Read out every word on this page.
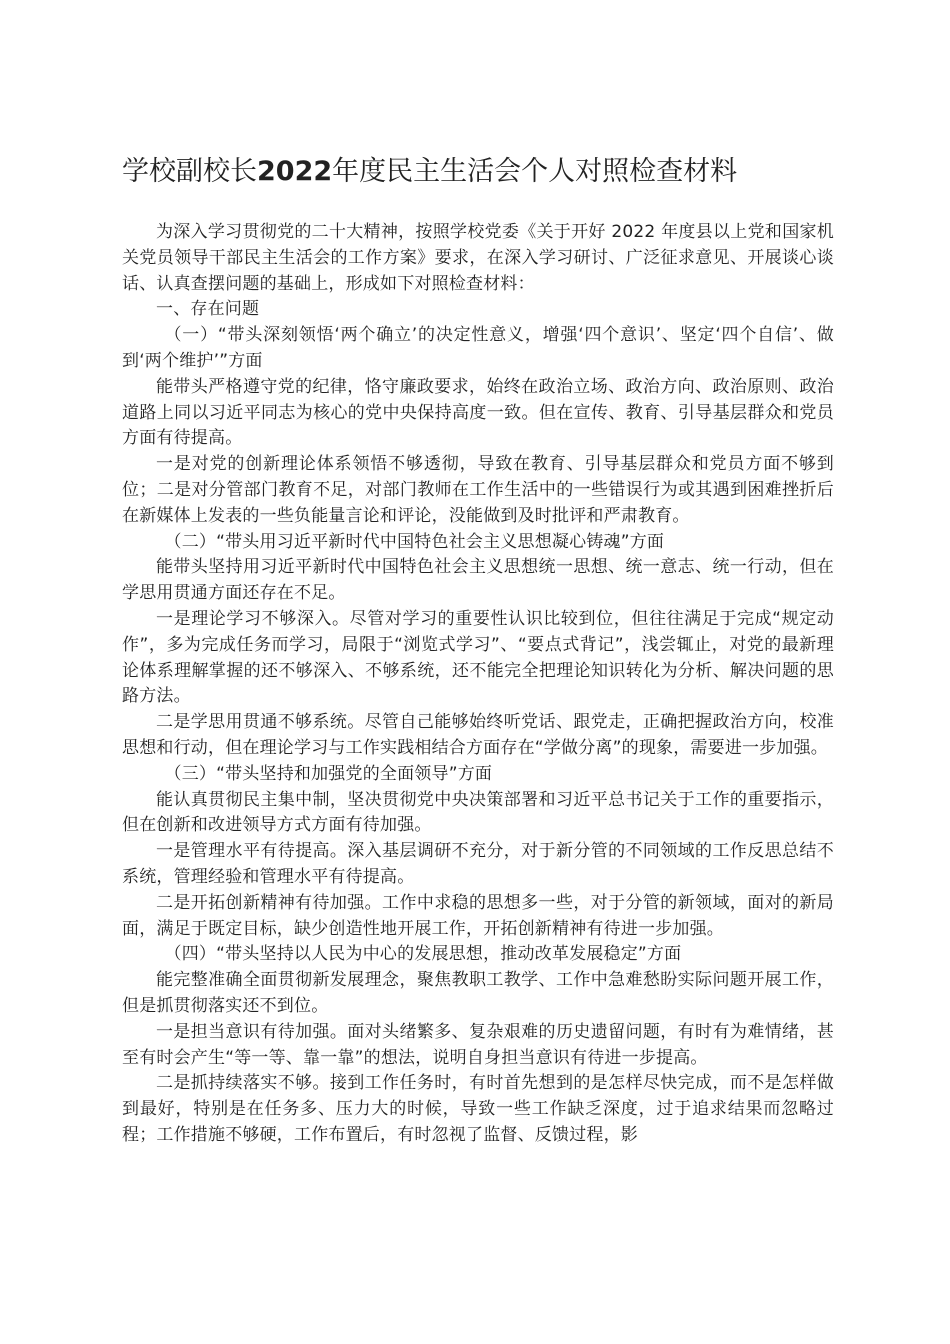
学校副校长2022年度民主生活会个人对照检查材料

为深入学习贯彻党的二十大精神，按照学校党委《关于开好 2022 年度县以上党和国家机关党员领导干部民主生活会的工作方案》要求，在深入学习研讨、广泛征求意见、开展谈心谈话、认真查摆问题的基础上，形成如下对照检查材料：

一、存在问题

（一）“带头深刻领悟‘两个确立’的决定性意义，增强‘四个意识’、坚定‘四个自信’、做到‘两个维护’”方面

能带头严格遵守党的纪律，恪守廉政要求，始终在政治立场、政治方向、政治原则、政治道路上同以习近平同志为核心的党中央保持高度一致。但在宣传、教育、引导基层群众和党员方面有待提高。

一是对党的创新理论体系领悟不够透彻，导致在教育、引导基层群众和党员方面不够到位；二是对分管部门教育不足，对部门教师在工作生活中的一些错误行为或其遇到困难挫折后在新媒体上发表的一些负能量言论和评论，没能做到及时批评和严肃教育。

（二）“带头用习近平新时代中国特色社会主义思想凝心铸魂”方面

能带头坚持用习近平新时代中国特色社会主义思想统一思想、统一意志、统一行动，但在学思用贯通方面还存在不足。

一是理论学习不够深入。尽管对学习的重要性认识比较到位，但往往满足于完成“规定动作”，多为完成任务而学习，局限于“浏览式学习”、“要点式背记”，浅尝辄止，对党的最新理论体系理解掌握的还不够深入、不够系统，还不能完全把理论知识转化为分析、解决问题的思路方法。

二是学思用贯通不够系统。尽管自己能够始终听党话、跟党走，正确把握政治方向，校准思想和行动，但在理论学习与工作实践相结合方面存在“学做分离”的现象，需要进一步加强。

（三）“带头坚持和加强党的全面领导”方面

能认真贯彻民主集中制，坚决贯彻党中央决策部署和习近平总书记关于工作的重要指示，但在创新和改进领导方式方面有待加强。

一是管理水平有待提高。深入基层调研不充分，对于新分管的不同领域的工作反思总结不系统，管理经验和管理水平有待提高。

二是开拓创新精神有待加强。工作中求稳的思想多一些，对于分管的新领域，面对的新局面，满足于既定目标，缺少创造性地开展工作，开拓创新精神有待进一步加强。

（四）“带头坚持以人民为中心的发展思想，推动改革发展稳定”方面

能完整准确全面贯彻新发展理念，聚焦教职工教学、工作中急难愁盼实际问题开展工作，但是抓贯彻落实还不到位。

一是担当意识有待加强。面对头绪繁多、复杂艰难的历史遗留问题，有时有为难情绪，甚至有时会产生“等一等、靠一靠”的想法，说明自身担当意识有待进一步提高。

二是抓持续落实不够。接到工作任务时，有时首先想到的是怎样尽快完成，而不是怎样做到最好，特别是在任务多、压力大的时候，导致一些工作缺乏深度，过于追求结果而忽略过程；工作措施不够硬，工作布置后，有时忽视了监督、反馈过程，影
